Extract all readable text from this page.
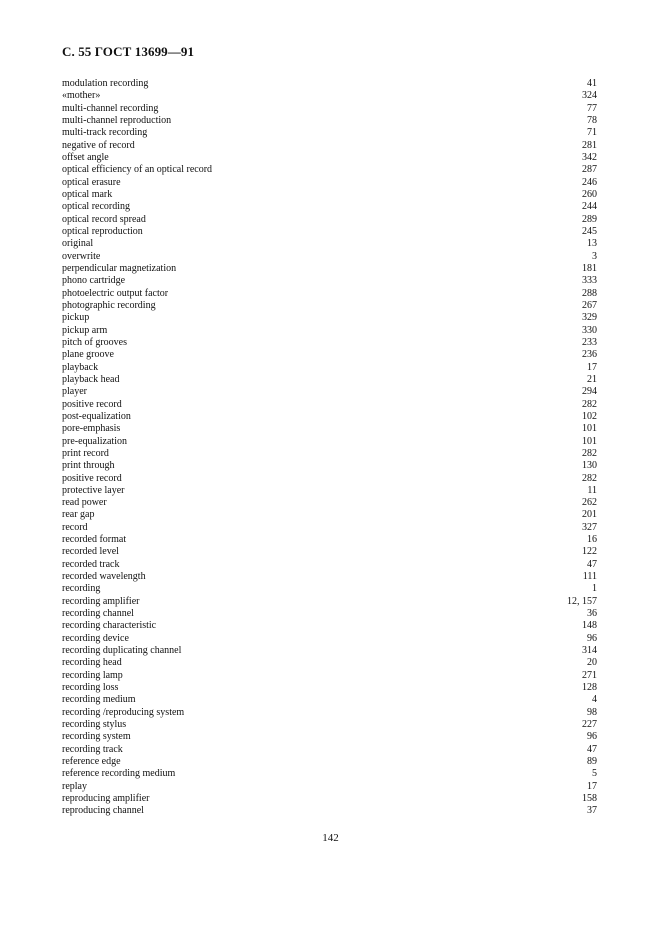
С. 55 ГОСТ 13699—91
modulation recording	41
«mother»	324
multi-channel recording	77
multi-channel reproduction	78
multi-track recording	71
negative of record	281
offset angle	342
optical efficiency of an optical record	287
optical erasure	246
optical mark	260
optical recording	244
optical record spread	289
optical reproduction	245
original	13
overwrite	3
perpendicular magnetization	181
phono cartridge	333
photoelectric output factor	288
photographic recording	267
pickup	329
pickup arm	330
pitch of grooves	233
plane groove	236
playback	17
playback head	21
player	294
positive record	282
post-equalization	102
pore-emphasis	101
pre-equalization	101
print record	282
print through	130
positive record	282
protective layer	11
read power	262
rear gap	201
record	327
recorded format	16
recorded level	122
recorded track	47
recorded wavelength	111
recording	1
recording amplifier	12, 157
recording channel	36
recording characteristic	148
recording device	96
recording duplicating channel	314
recording head	20
recording lamp	271
recording loss	128
recording medium	4
recording /reproducing system	98
recording stylus	227
recording system	96
recording track	47
reference edge	89
reference recording medium	5
replay	17
reproducing amplifier	158
reproducing channel	37
142
